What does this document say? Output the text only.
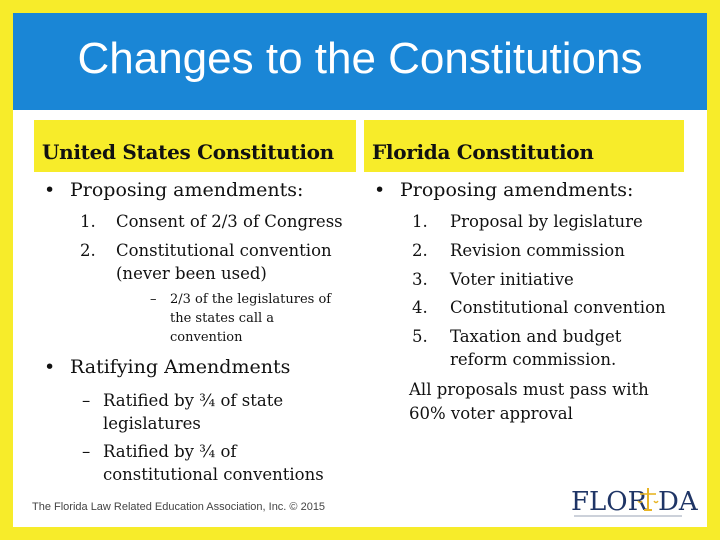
Changes to the Constitutions
United States Constitution Florida Constitution
• Proposing amendments:
1. Consent of 2/3 of Congress
2. Constitutional convention
(never been used)
– 2/3 of the legislatures of
the states call a
convention
• Ratifying Amendments
– Ratified by ¾ of state
legislatures
– Ratified by ¾ of
constitutional conventions
• Proposing amendments:
1. Proposal by legislature
2. Revision commission
3. Voter initiative
4. Constitutional convention
5. Taxation and budget
reform commission.
All proposals must pass with
60% voter approval
The Florida Law Related Education Association, Inc. © 2015	FLOR DA
